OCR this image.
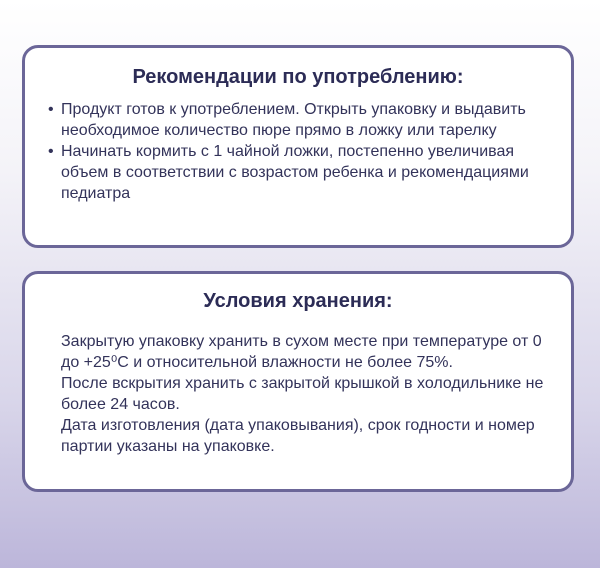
Рекомендации по употреблению:
• Продукт готов к употреблением. Открыть упаковку и выдавить необходимое количество пюре прямо в ложку или тарелку
• Начинать кормить с 1 чайной ложки, постепенно увеличивая объем в соответствии с возрастом ребенка и рекомендациями педиатра
Условия хранения:

Закрытую упаковку хранить в сухом месте при температуре от 0 до +25⁰С и относительной влажности не более 75%.

После вскрытия хранить с закрытой крышкой в холодильнике не более 24 часов.

Дата изготовления (дата упаковывания), срок годности и номер партии указаны на упаковке.
